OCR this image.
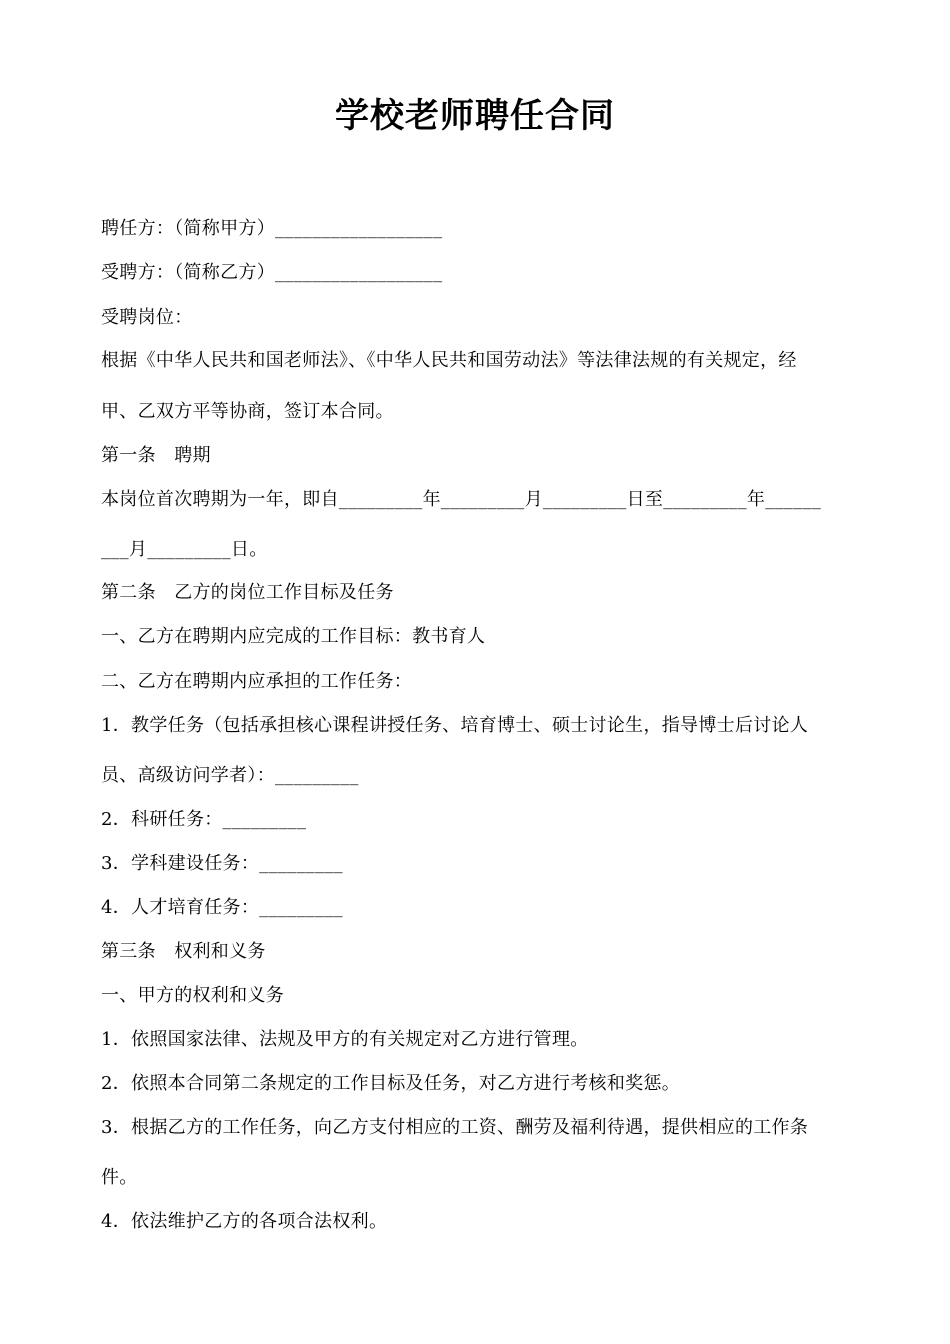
学校老师聘任合同
聘任方：（简称甲方）__________________
受聘方：（简称乙方）__________________
受聘岗位：
根据《中华人民共和国老师法》、《中华人民共和国劳动法》等法律法规的有关规定，经
甲、乙双方平等协商，签订本合同。
第一条　聘期
本岗位首次聘期为一年，即自_________年_________月_________日至_________年______
___月_________日。
第二条　乙方的岗位工作目标及任务
一、乙方在聘期内应完成的工作目标：教书育人
二、乙方在聘期内应承担的工作任务：
1．教学任务（包括承担核心课程讲授任务、培育博士、硕士讨论生，指导博士后讨论人
员、高级访问学者）：_________
2．科研任务：_________
3．学科建设任务：_________
4．人才培育任务：_________
第三条　权利和义务
一、甲方的权利和义务
1．依照国家法律、法规及甲方的有关规定对乙方进行管理。
2．依照本合同第二条规定的工作目标及任务，对乙方进行考核和奖惩。
3．根据乙方的工作任务，向乙方支付相应的工资、酬劳及福利待遇，提供相应的工作条
件。
4．依法维护乙方的各项合法权利。
